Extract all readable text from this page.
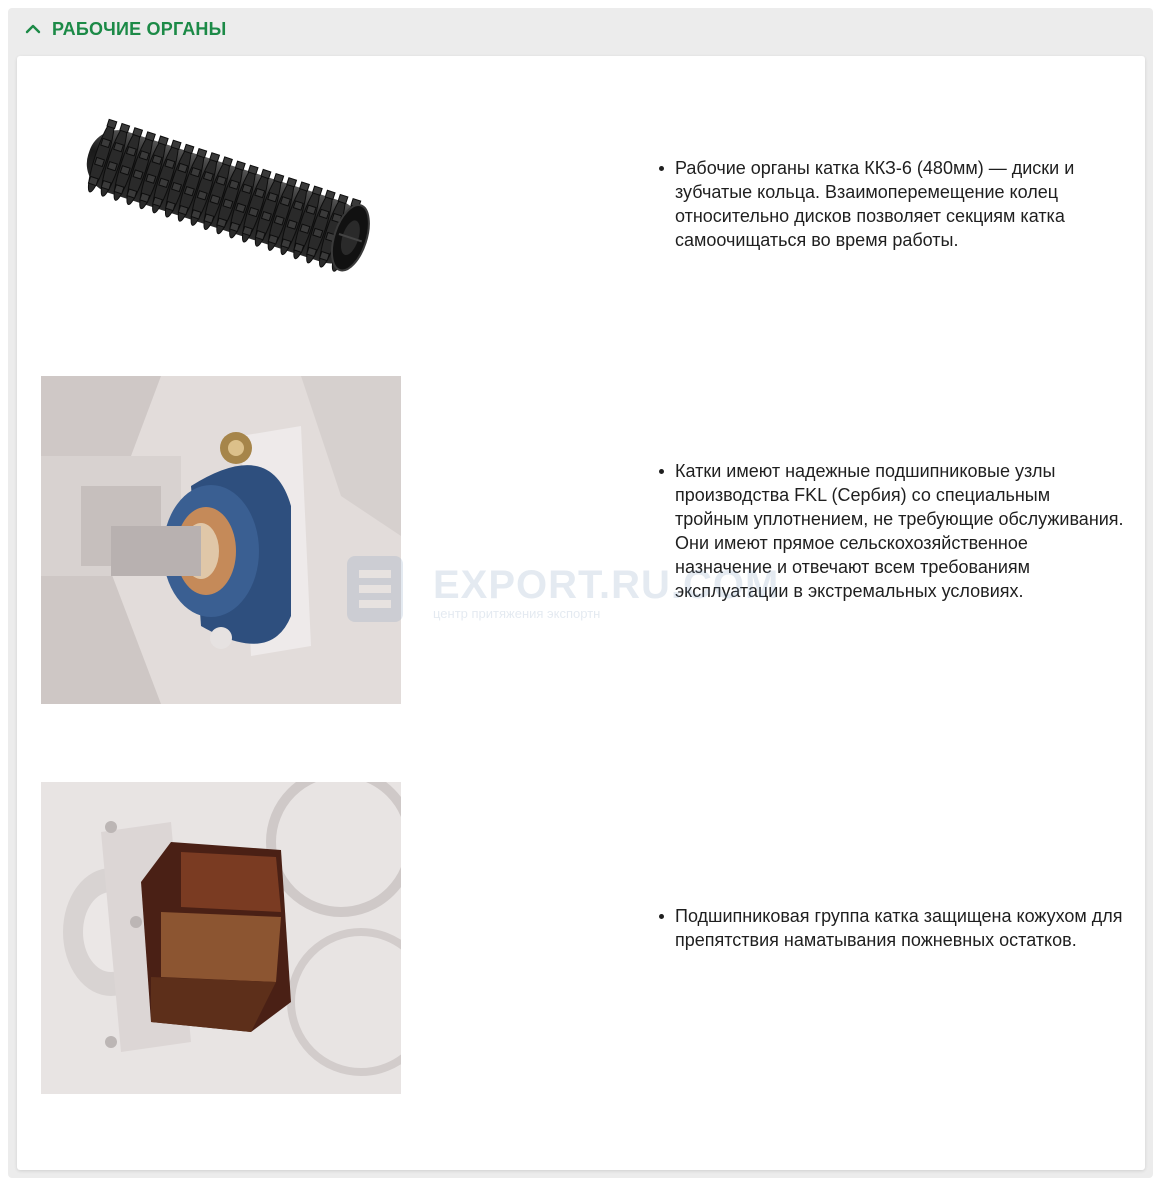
РАБОЧИЕ ОРГАНЫ
Рабочие органы катка ККЗ-6 (480мм) — диски и зубчатые кольца. Взаимоперемещение колец относительно дисков позволяет секциям катка самоочищаться во время работы.
Катки имеют надежные подшипниковые узлы производства FKL (Сербия) со специальным тройным уплотнением, не требующие обслуживания. Они имеют прямое сельскохозяйственное назначение и отвечают всем требованиям эксплуатации в экстремальных условиях.
Подшипниковая группа катка защищена кожухом для препятствия наматывания пожневных остатков.
EXPORT.RU.COM
центр притяжения экспортн
